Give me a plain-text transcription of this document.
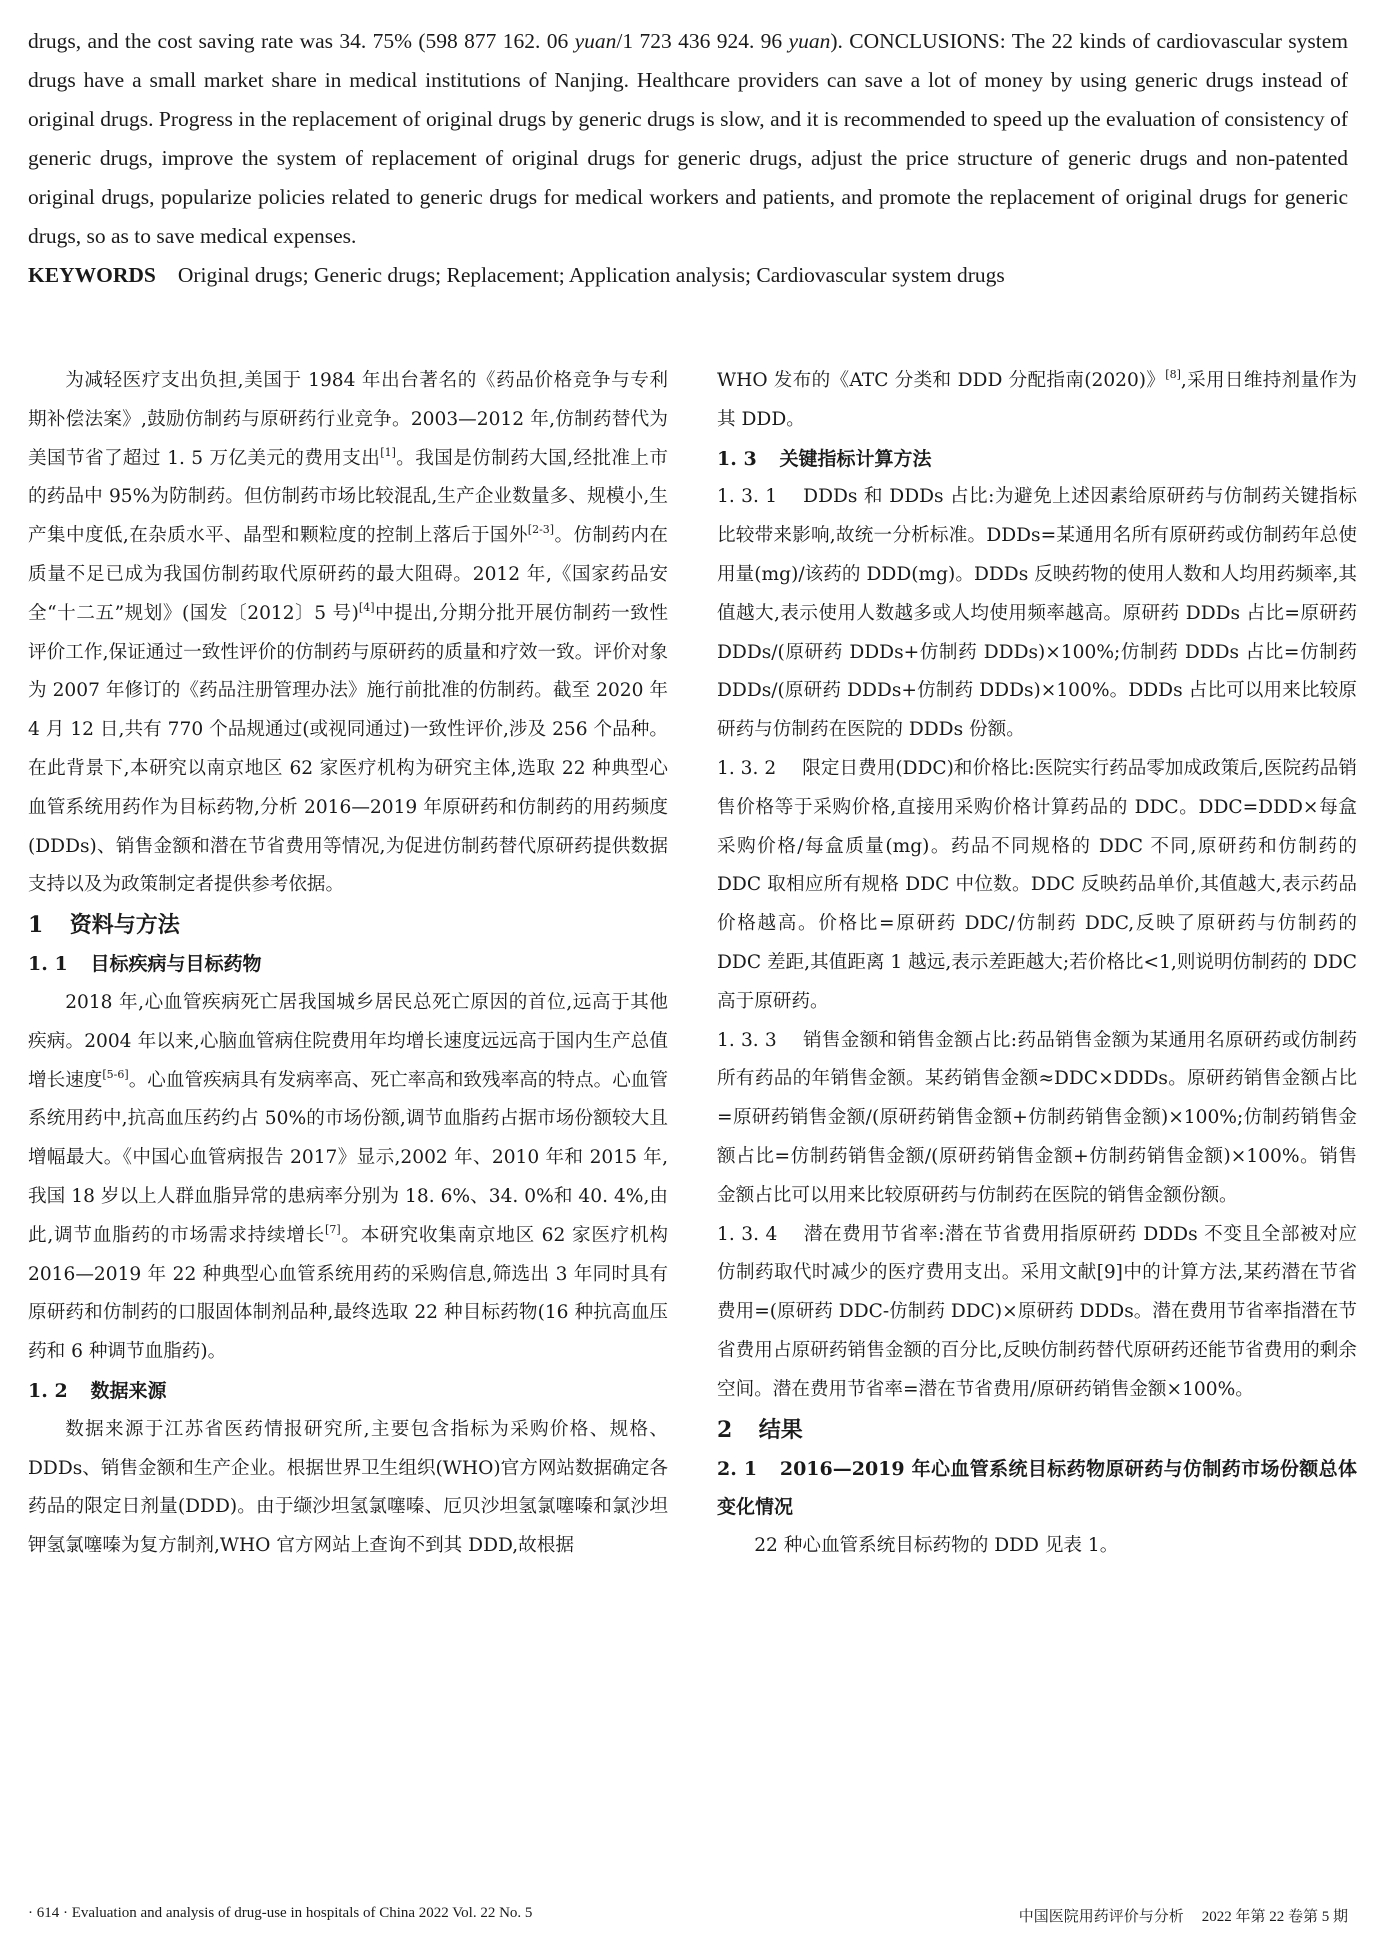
drugs, and the cost saving rate was 34. 75% (598 877 162. 06 yuan/1 723 436 924. 96 yuan). CONCLUSIONS: The 22 kinds of cardiovascular system drugs have a small market share in medical institutions of Nanjing. Healthcare providers can save a lot of money by using generic drugs instead of original drugs. Progress in the replacement of original drugs by generic drugs is slow, and it is recommended to speed up the evaluation of consistency of generic drugs, improve the system of replacement of original drugs for generic drugs, adjust the price structure of generic drugs and non-patented original drugs, popularize policies related to generic drugs for medical workers and patients, and promote the replacement of original drugs for generic drugs, so as to save medical expenses.
KEYWORDS Original drugs; Generic drugs; Replacement; Application analysis; Cardiovascular system drugs

为减轻医疗支出负担,美国于 1984 年出台著名的《药品价格竞争与专利期补偿法案》,鼓励仿制药与原研药行业竞争。2003—2012 年,仿制药替代为美国节省了超过 1. 5 万亿美元的费用支出[1]。我国是仿制药大国,经批准上市的药品中 95%为防制药。但仿制药市场比较混乱,生产企业数量多、规模小,生产集中度低,在杂质水平、晶型和颗粒度的控制上落后于国外[2-3]。仿制药内在质量不足已成为我国仿制药取代原研药的最大阻碍。2012 年,《国家药品安全“十二五”规划》(国发〔2012〕5 号)[4]中提出,分期分批开展仿制药一致性评价工作,保证通过一致性评价的仿制药与原研药的质量和疗效一致。评价对象为 2007 年修订的《药品注册管理办法》施行前批准的仿制药。截至 2020 年 4 月 12 日,共有 770 个品规通过(或视同通过)一致性评价,涉及 256 个品种。在此背景下,本研究以南京地区 62 家医疗机构为研究主体,选取 22 种典型心血管系统用药作为目标药物,分析 2016—2019 年原研药和仿制药的用药频度(DDDs)、销售金额和潜在节省费用等情况,为促进仿制药替代原研药提供数据支持以及为政策制定者提供参考依据。

1 资料与方法

1. 1 目标疾病与目标药物

2018 年,心血管疾病死亡居我国城乡居民总死亡原因的首位,远高于其他疾病。2004 年以来,心脑血管病住院费用年均增长速度远远高于国内生产总值增长速度[5-6]。心血管疾病具有发病率高、死亡率高和致残率高的特点。心血管系统用药中,抗高血压药约占 50%的市场份额,调节血脂药占据市场份额较大且增幅最大。《中国心血管病报告 2017》显示,2002 年、2010 年和 2015 年,我国 18 岁以上人群血脂异常的患病率分别为 18. 6%、34. 0%和 40. 4%,由此,调节血脂药的市场需求持续增长[7]。本研究收集南京地区 62 家医疗机构 2016—2019 年 22 种典型心血管系统用药的采购信息,筛选出 3 年同时具有原研药和仿制药的口服固体制剂品种,最终选取 22 种目标药物(16 种抗高血压药和 6 种调节血脂药)。

1. 2 数据来源

数据来源于江苏省医药情报研究所,主要包含指标为采购价格、规格、DDDs、销售金额和生产企业。根据世界卫生组织(WHO)官方网站数据确定各药品的限定日剂量(DDD)。由于缬沙坦氢氯噻嗪、厄贝沙坦氢氯噻嗪和氯沙坦钾氢氯噻嗪为复方制剂,WHO 官方网站上查询不到其 DDD,故根据

WHO 发布的《ATC 分类和 DDD 分配指南(2020)》[8],采用日维持剂量作为其 DDD。

1. 3 关键指标计算方法

1. 3. 1 DDDs 和 DDDs 占比:为避免上述因素给原研药与仿制药关键指标比较带来影响,故统一分析标准。DDDs=某通用名所有原研药或仿制药年总使用量(mg)/该药的 DDD(mg)。DDDs 反映药物的使用人数和人均用药频率,其值越大,表示使用人数越多或人均使用频率越高。原研药 DDDs 占比=原研药 DDDs/(原研药 DDDs+仿制药 DDDs)×100%;仿制药 DDDs 占比=仿制药 DDDs/(原研药 DDDs+仿制药 DDDs)×100%。DDDs 占比可以用来比较原研药与仿制药在医院的 DDDs 份额。

1. 3. 2 限定日费用(DDC)和价格比:医院实行药品零加成政策后,医院药品销售价格等于采购价格,直接用采购价格计算药品的 DDC。DDC=DDD×每盒采购价格/每盒质量(mg)。药品不同规格的 DDC 不同,原研药和仿制药的 DDC 取相应所有规格 DDC 中位数。DDC 反映药品单价,其值越大,表示药品价格越高。价格比=原研药 DDC/仿制药 DDC,反映了原研药与仿制药的 DDC 差距,其值距离 1 越远,表示差距越大;若价格比<1,则说明仿制药的 DDC 高于原研药。

1. 3. 3 销售金额和销售金额占比:药品销售金额为某通用名原研药或仿制药所有药品的年销售金额。某药销售金额≈DDC×DDDs。原研药销售金额占比=原研药销售金额/(原研药销售金额+仿制药销售金额)×100%;仿制药销售金额占比=仿制药销售金额/(原研药销售金额+仿制药销售金额)×100%。销售金额占比可以用来比较原研药与仿制药在医院的销售金额份额。

1. 3. 4 潜在费用节省率:潜在节省费用指原研药 DDDs 不变且全部被对应仿制药取代时减少的医疗费用支出。采用文献[9]中的计算方法,某药潜在节省费用=(原研药 DDC-仿制药 DDC)×原研药 DDDs。潜在费用节省率指潜在节省费用占原研药销售金额的百分比,反映仿制药替代原研药还能节省费用的剩余空间。潜在费用节省率=潜在节省费用/原研药销售金额×100%。

2 结果

2. 1 2016—2019 年心血管系统目标药物原研药与仿制药市场份额总体变化情况

22 种心血管系统目标药物的 DDD 见表 1。

· 614 · Evaluation and analysis of drug-use in hospitals of China 2022 Vol. 22 No. 5	中国医院用药评价与分析 2022 年第 22 卷第 5 期
